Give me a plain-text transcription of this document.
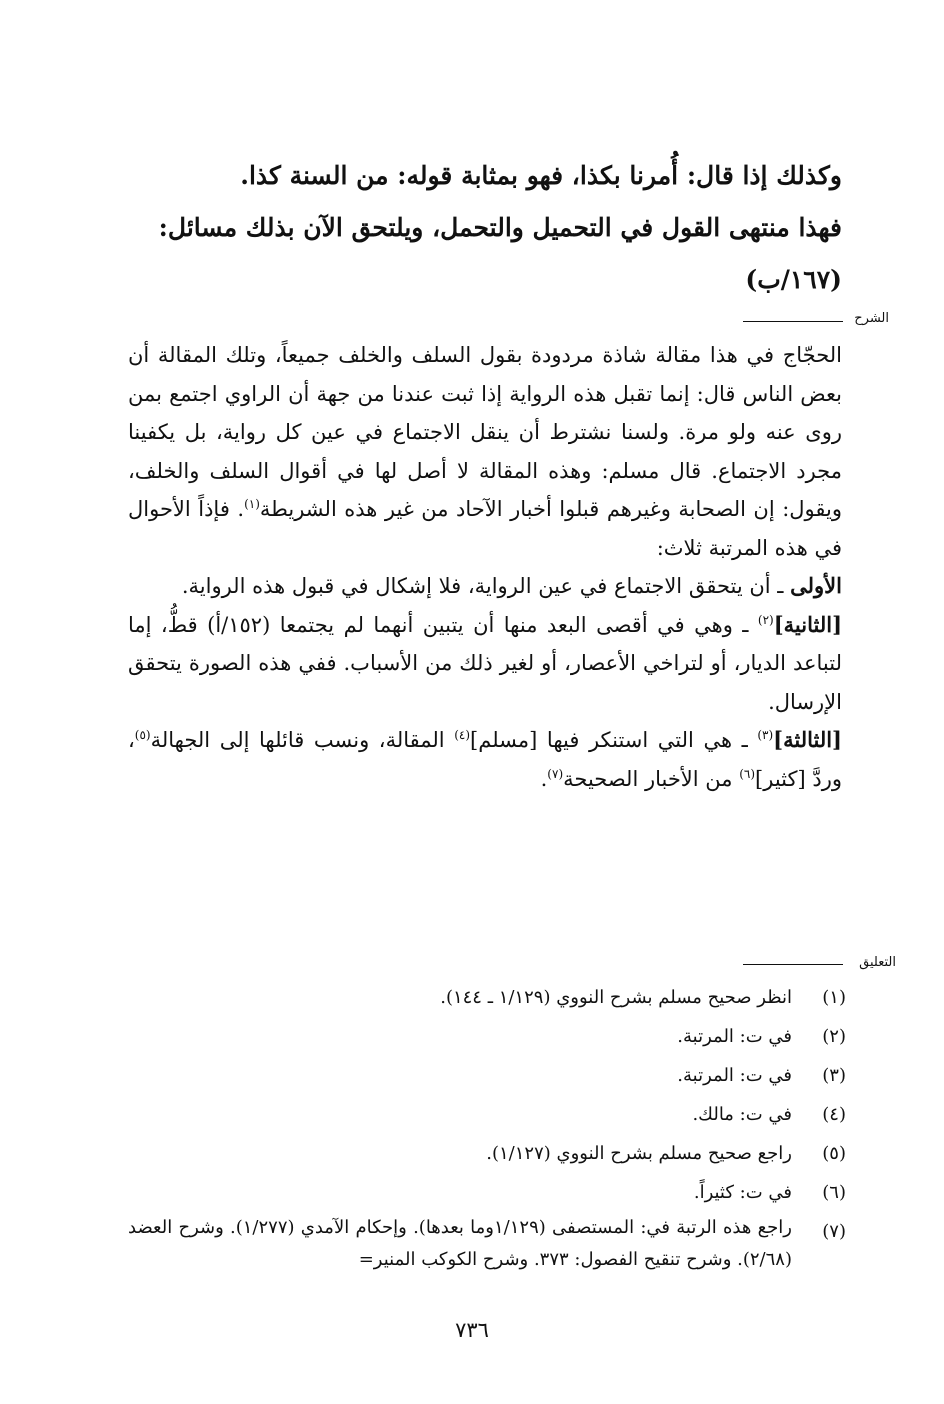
وكذلك إذا قال: أُمرنا بكذا، فهو بمثابة قوله: من السنة كذا.

فهذا منتهى القول في التحميل والتحمل، ويلتحق الآن بذلك مسائل:

(١٦٧/ب)

الشرح

الحجّاج في هذا مقالة شاذة مردودة بقول السلف والخلف جميعاً، وتلك المقالة أن بعض الناس قال: إنما تقبل هذه الرواية إذا ثبت عندنا من جهة أن الراوي اجتمع بمن روى عنه ولو مرة. ولسنا نشترط أن ينقل الاجتماع في عين كل رواية، بل يكفينا مجرد الاجتماع. قال مسلم: وهذه المقالة لا أصل لها في أقوال السلف والخلف، ويقول: إن الصحابة وغيرهم قبلوا أخبار الآحاد من غير هذه الشريطة$^{(١)}$. فإذاً الأحوال في هذه المرتبة ثلاث:

الأولى ـ أن يتحقق الاجتماع في عين الرواية، فلا إشكال في قبول هذه الرواية.

[الثانية]$^{(٢)}$ ـ وهي في أقصى البعد منها أن يتبين أنهما لم يجتمعا (١٥٢/أ) قطُّ، إما لتباعد الديار، أو لتراخي الأعصار، أو لغير ذلك من الأسباب. ففي هذه الصورة يتحقق الإرسال.

[الثالثة]$^{(٣)}$ ـ هي التي استنكر فيها [مسلم]$^{(٤)}$ المقالة، ونسب قائلها إلى الجهالة$^{(٥)}$، وردَّ [كثير]$^{(٦)}$ من الأخبار الصحيحة$^{(٧)}$.

التعليق
(١)
انظر صحيح مسلم بشرح النووي (١/١٢٩ ـ ١٤٤).
(٢)
في ت: المرتبة.
(٣)
في ت: المرتبة.
(٤)
في ت: مالك.
(٥)
راجع صحيح مسلم بشرح النووي (١/١٢٧).
(٦)
في ت: كثيراً.
(٧)
راجع هذه الرتبة في: المستصفى (١/١٢٩وما بعدها). وإحكام الآمدي (١/٢٧٧). وشرح العضد (٢/٦٨). وشرح تنقيح الفصول: ٣٧٣. وشرح الكوكب المنير=
٧٣٦
